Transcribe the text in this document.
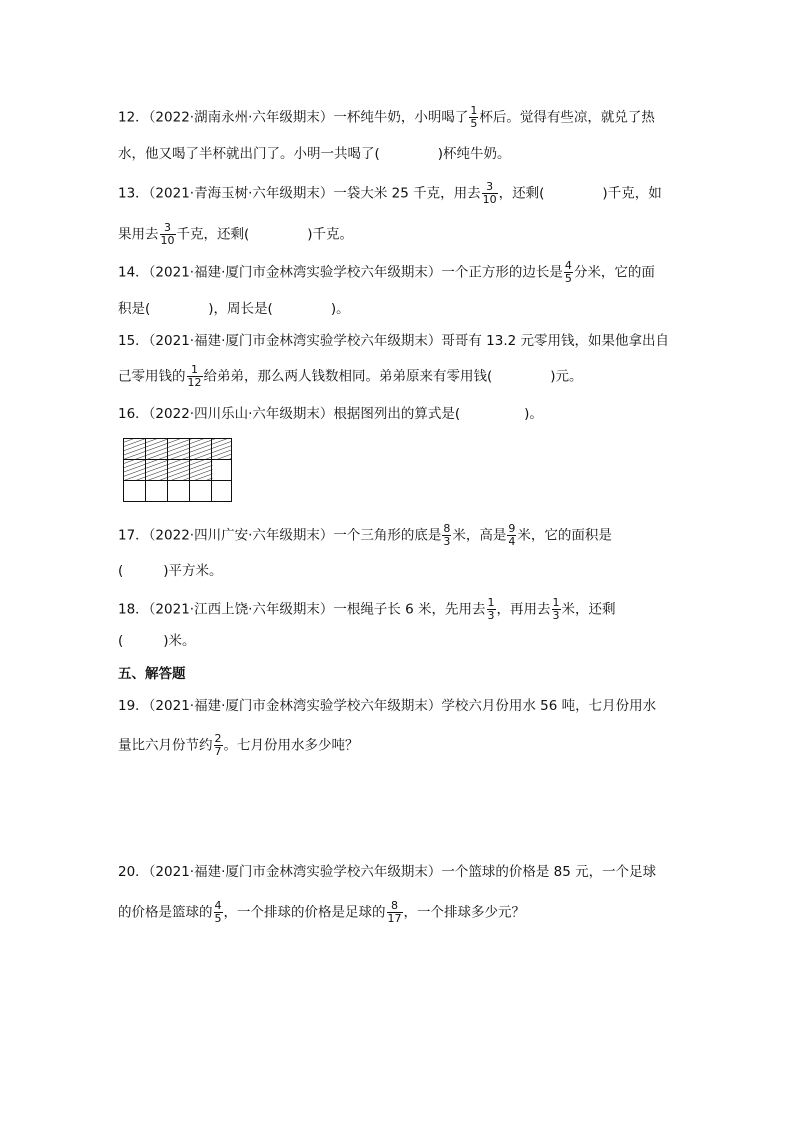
12．（2022·湖南永州·六年级期末）一杯纯牛奶，小明喝了 $\frac{1}{5}$ 杯后。觉得有些凉，就兑了热
水，他又喝了半杯就出门了。小明一共喝了(	)杯纯牛奶。
13．（2021·青海玉树·六年级期末）一袋大米 25 千克，用去 $\frac{3}{10}$ ，还剩(	)千克，如
果用去 $\frac{3}{10}$ 千克，还剩(	)千克。
14．（2021·福建·厦门市金林湾实验学校六年级期末）一个正方形的边长是 $\frac{4}{5}$ 分米，它的面
积是(	)，周长是(	)。
15．（2021·福建·厦门市金林湾实验学校六年级期末）哥哥有 13.2 元零用钱，如果他拿出自
己零用钱的 $\frac{1}{12}$ 给弟弟，那么两人钱数相同。弟弟原来有零用钱(	)元。
16．（2022·四川乐山·六年级期末）根据图列出的算式是(	)。
17．（2022·四川广安·六年级期末）一个三角形的底是 $\frac{8}{3}$ 米，高是 $\frac{9}{4}$ 米，它的面积是
(	)平方米。
18．（2021·江西上饶·六年级期末）一根绳子长 6 米，先用去 $\frac{1}{3}$ ，再用去 $\frac{1}{3}$ 米，还剩
(	)米。
五、解答题
19．（2021·福建·厦门市金林湾实验学校六年级期末）学校六月份用水 56 吨，七月份用水
量比六月份节约 $\frac{2}{7}$ 。七月份用水多少吨？
20．（2021·福建·厦门市金林湾实验学校六年级期末）一个篮球的价格是 85 元，一个足球
的价格是篮球的 $\frac{4}{5}$ ，一个排球的价格是足球的 $\frac{8}{17}$ ，一个排球多少元？
